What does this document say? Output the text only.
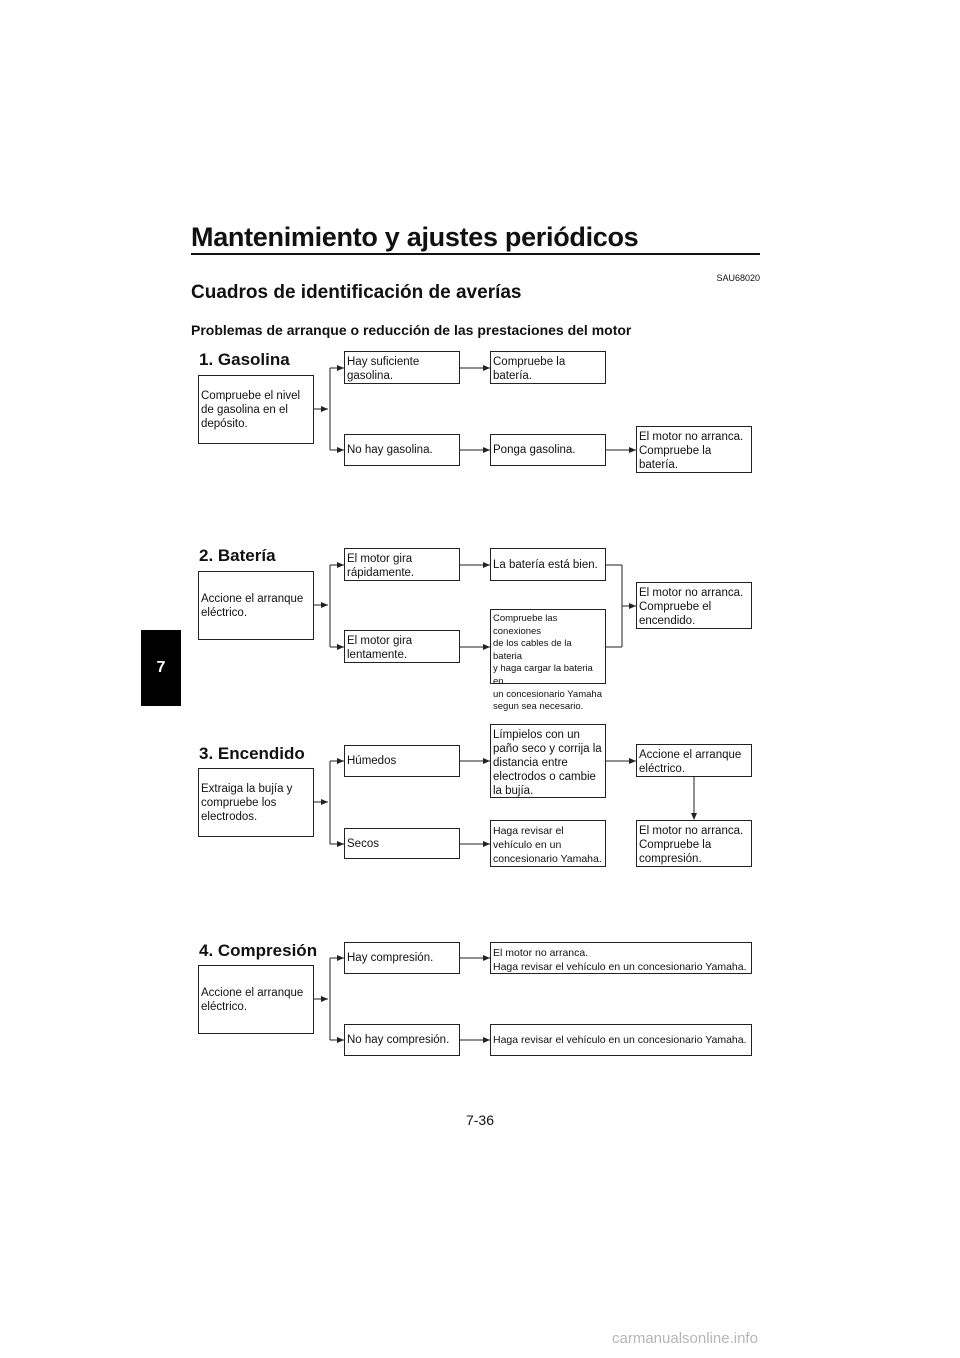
Mantenimiento y ajustes periódicos
SAU68020
Cuadros de identificación de averías
Problemas de arranque o reducción de las prestaciones del motor
7
1. Gasolina
Compruebe el nivel
de gasolina en el
depósito.
Hay suficiente
gasolina.
Compruebe la
batería.
No hay gasolina.	Ponga gasolina.
El motor no arranca.
Compruebe la
batería.
2. Batería
Accione el arranque
eléctrico.
El motor gira
rápidamente.
La batería está bien.
El motor gira
lentamente.
Compruebe las conexiones
de los cables de la bateria
y haga cargar la bateria en
un concesionario Yamaha
segun sea necesario.
El motor no arranca.
Compruebe el
encendido.
3. Encendido
Extraiga la bujía y
compruebe los
electrodos.
Húmedos
Límpielos con un
paño seco y corrija la
distancia entre
electrodos o cambie
la bujía.
Accione el arranque
eléctrico.
El motor no arranca.
Compruebe la
compresión.
Secos
Haga revisar el
vehículo en un
concesionario Yamaha.
4. Compresión
Accione el arranque
eléctrico.
Hay compresión.	El motor no arranca.
Haga revisar el vehículo en un concesionario Yamaha.
No hay compresión.	Haga revisar el vehículo en un concesionario Yamaha.
7-36
carmanualsonline.info
